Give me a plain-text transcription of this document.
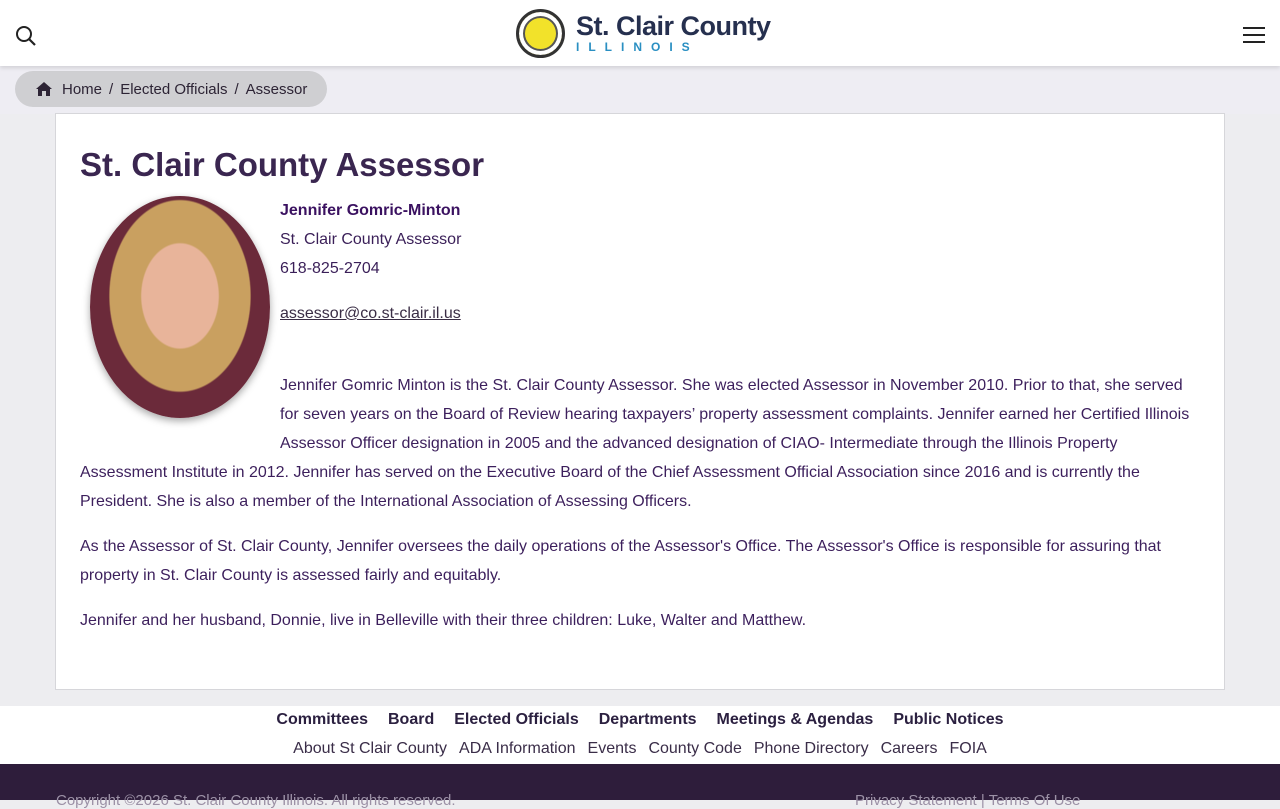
St. Clair County
ILLINOIS
Home / Elected Officials / Assessor
St. Clair County Assessor
Jennifer Gomric-Minton
St. Clair County Assessor
618-825-2704
assessor@co.st-clair.il.us

Jennifer Gomric Minton is the St. Clair County Assessor. She was elected Assessor in November 2010. Prior to that, she served for seven years on the Board of Review hearing taxpayers’ property assessment complaints. Jennifer earned her Certified Illinois Assessor Officer designation in 2005 and the advanced designation of CIAO- Intermediate through the Illinois Property Assessment Institute in 2012. Jennifer has served on the Executive Board of the Chief Assessment Official Association since 2016 and is currently the President. She is also a member of the International Association of Assessing Officers.

As the Assessor of St. Clair County, Jennifer oversees the daily operations of the Assessor's Office. The Assessor's Office is responsible for assuring that property in St. Clair County is assessed fairly and equitably.

Jennifer and her husband, Donnie, live in Belleville with their three children: Luke, Walter and Matthew.

Committees Board Elected Officials Departments Meetings & Agendas Public Notices
About St Clair County ADA Information Events County Code Phone Directory Careers FOIA
Copyright ©2026 St. Clair County Illinois. All rights reserved.	Privacy Statement | Terms Of Use
